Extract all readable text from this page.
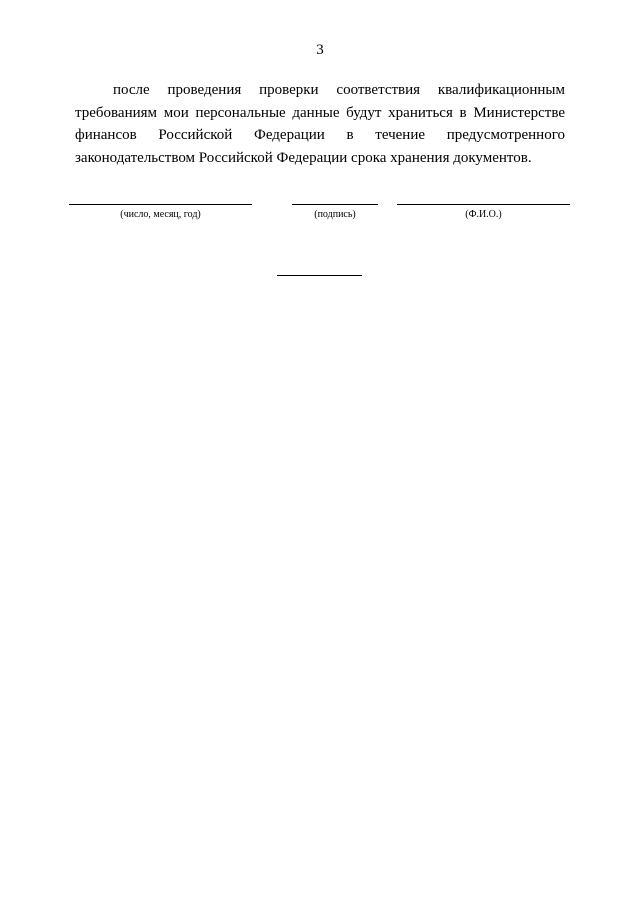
3
после проведения проверки соответствия квалификационным
требованиям мои персональные данные будут храниться в Министерстве
финансов Российской Федерации в течение предусмотренного
законодательством Российской Федерации срока хранения документов.
(число, месяц, год)	(подпись)	(Ф.И.О.)
